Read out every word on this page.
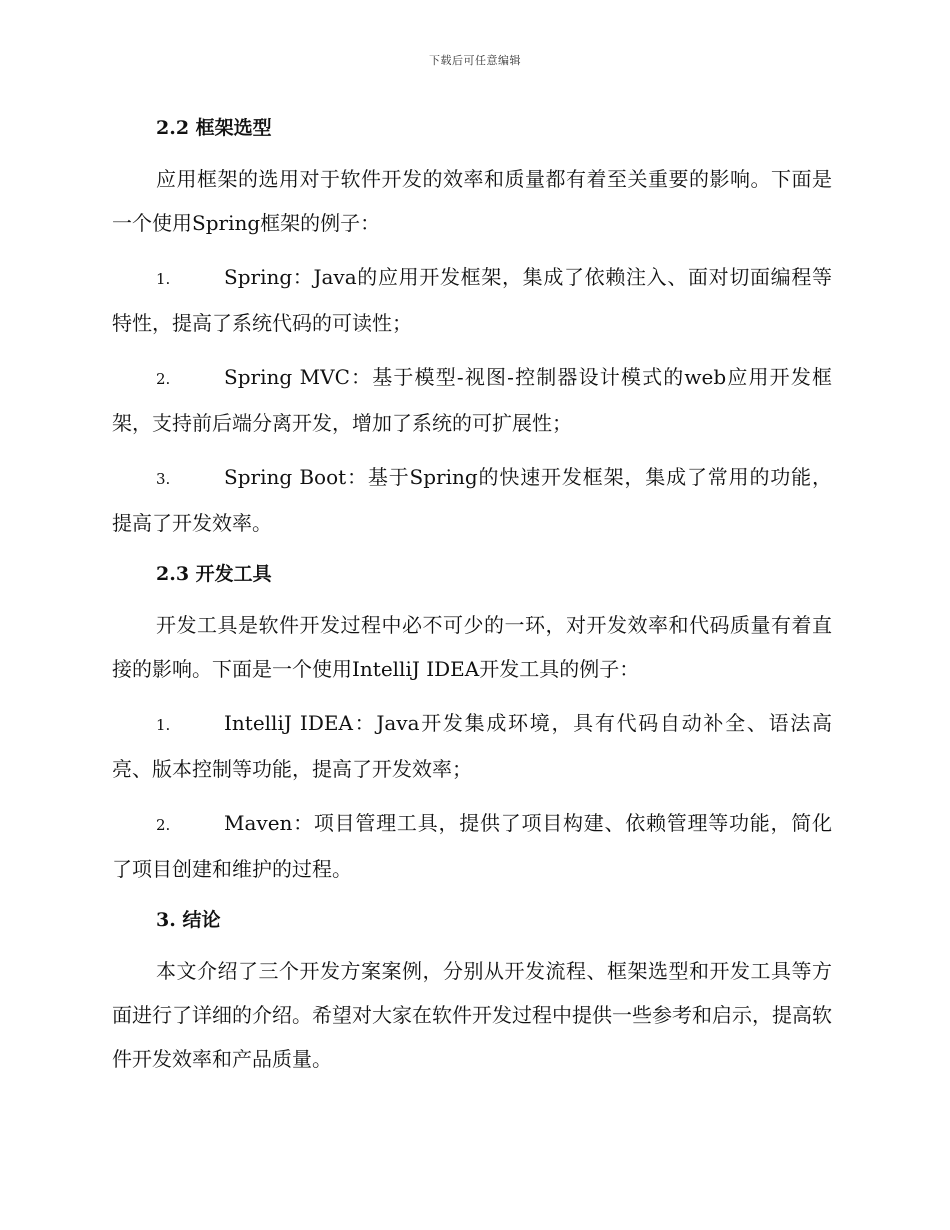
下载后可任意编辑
2.2 框架选型

应用框架的选用对于软件开发的效率和质量都有着至关重要的影响。下面是一个使用Spring框架的例子：

1.	Spring：Java的应用开发框架，集成了依赖注入、面对切面编程等特性，提高了系统代码的可读性；

2.	Spring MVC：基于模型-视图-控制器设计模式的web应用开发框架，支持前后端分离开发，增加了系统的可扩展性；

3.	Spring Boot：基于Spring的快速开发框架，集成了常用的功能，提高了开发效率。

2.3 开发工具

开发工具是软件开发过程中必不可少的一环，对开发效率和代码质量有着直接的影响。下面是一个使用IntelliJ IDEA开发工具的例子：

1.	IntelliJ IDEA：Java开发集成环境，具有代码自动补全、语法高亮、版本控制等功能，提高了开发效率；

2.	Maven：项目管理工具，提供了项目构建、依赖管理等功能，简化了项目创建和维护的过程。

3. 结论

本文介绍了三个开发方案案例，分别从开发流程、框架选型和开发工具等方面进行了详细的介绍。希望对大家在软件开发过程中提供一些参考和启示，提高软件开发效率和产品质量。
